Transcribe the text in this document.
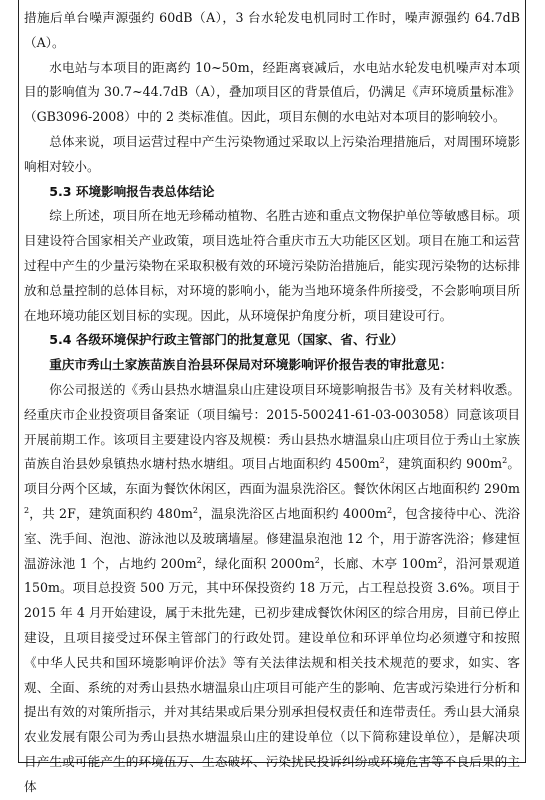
措施后单台噪声源强约 60dB（A），3 台水轮发电机同时工作时，噪声源强约 64.7dB（A）。

水电站与本项目的距离约 10~50m，经距离衰减后，水电站水轮发电机噪声对本项目的影响值为 30.7~44.7dB（A），叠加项目区的背景值后，仍满足《声环境质量标准》（GB3096-2008）中的 2 类标准值。因此，项目东侧的水电站对本项目的影响较小。

总体来说，项目运营过程中产生污染物通过采取以上污染治理措施后，对周围环境影响相对较小。

5.3 环境影响报告表总体结论

综上所述，项目所在地无珍稀动植物、名胜古迹和重点文物保护单位等敏感目标。项目建设符合国家相关产业政策，项目选址符合重庆市五大功能区区划。项目在施工和运营过程中产生的少量污染物在采取积极有效的环境污染防治措施后，能实现污染物的达标排放和总量控制的总体目标，对环境的影响小，能为当地环境条件所接受，不会影响项目所在地环境功能区划目标的实现。因此，从环境保护角度分析，项目建设可行。

5.4 各级环境保护行政主管部门的批复意见（国家、省、行业）

重庆市秀山土家族苗族自治县环保局对环境影响评价报告表的审批意见：

你公司报送的《秀山县热水塘温泉山庄建设项目环境影响报告书》及有关材料收悉。经重庆市企业投资项目备案证（项目编号：2015-500241-61-03-003058）同意该项目开展前期工作。该项目主要建设内容及规模：秀山县热水塘温泉山庄项目位于秀山土家族苗族自治县妙泉镇热水塘村热水塘组。项目占地面积约 $4500m^2$，建筑面积约 $900m^2$。项目分两个区域，东面为餐饮休闲区，西面为温泉洗浴区。餐饮休闲区占地面积约 $290m^2$，共 2F，建筑面积约 $480m^2$，温泉洗浴区占地面积约 $4000m^2$，包含接待中心、洗浴室、洗手间、泡池、游泳池以及玻璃墙屋。修建温泉泡池 12 个，用于游客洗浴；修建恒温游泳池 1 个，占地约 $200m^2$，绿化面积 $2000m^2$，长廊、木亭 $100m^2$，沿河景观道 150m。项目总投资 500 万元，其中环保投资约 18 万元，占工程总投资 3.6%。项目于 2015 年 4 月开始建设，属于未批先建，已初步建成餐饮休闲区的综合用房，目前已停止建设，且项目接受过环保主管部门的行政处罚。建设单位和环评单位均必须遵守和按照《中华人民共和国环境影响评价法》等有关法律法规和相关技术规范的要求，如实、客观、全面、系统的对秀山县热水塘温泉山庄项目可能产生的影响、危害或污染进行分析和提出有效的对策所指示，并对其结果或后果分别承担侵权责任和连带责任。秀山县大涌泉农业发展有限公司为秀山县热水塘温泉山庄的建设单位（以下简称建设单位），是解决项目产生或可能产生的环境伍万、生态破坏、污染扰民投诉纠纷或环境危害等不良后果的主体
